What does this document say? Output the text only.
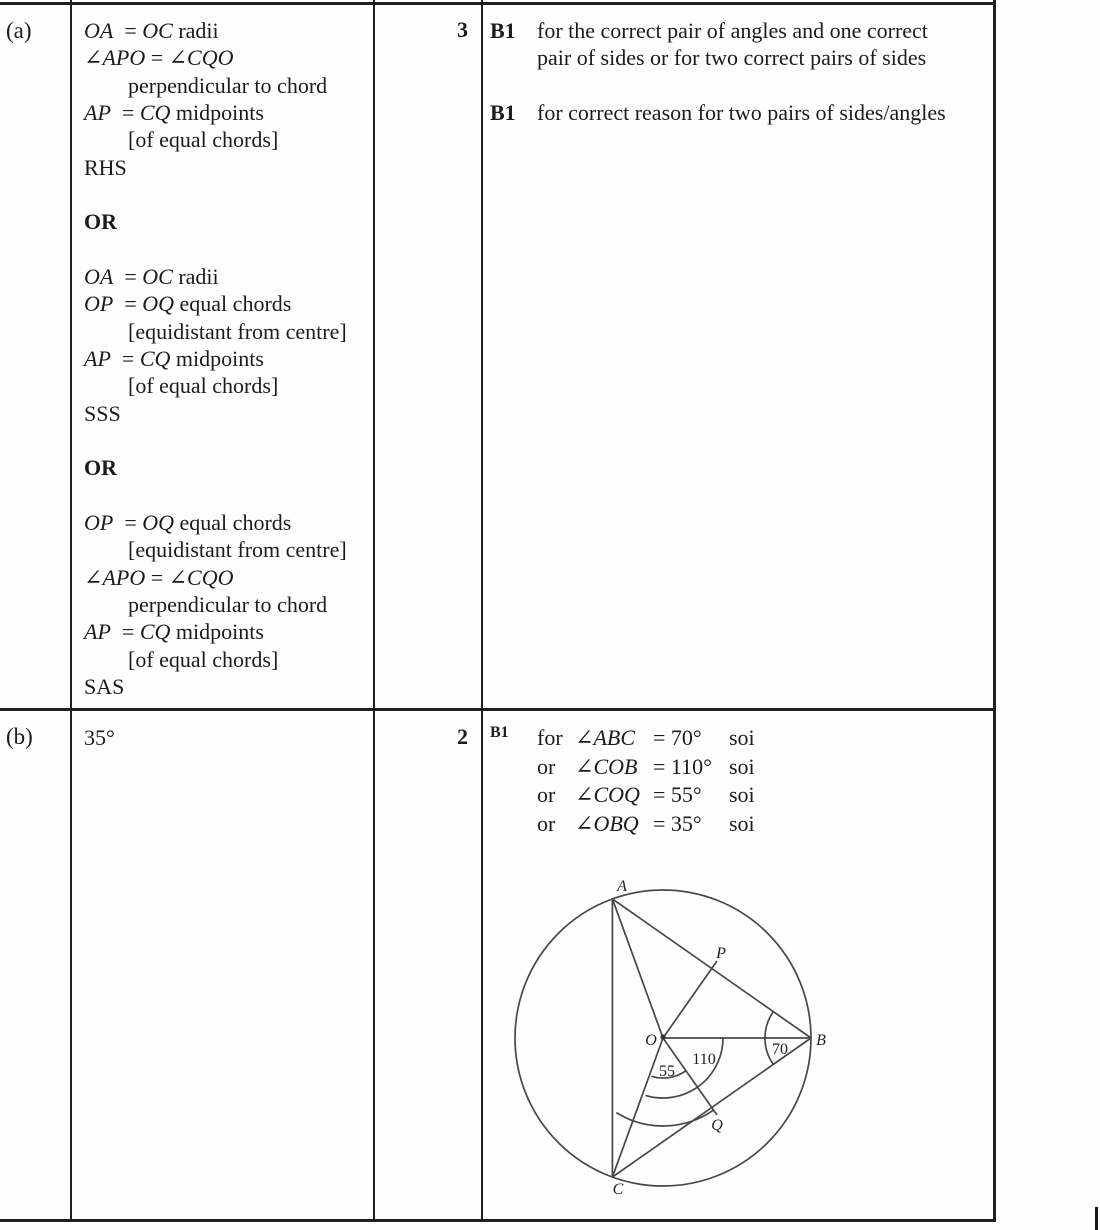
(a) OA  = OC radii
∠APO = ∠CQO
perpendicular to chord
AP  = CQ midpoints
[of equal chords]
RHS
OR
OA  = OC radii
OP  = OQ equal chords
[equidistant from centre]
AP  = CQ midpoints
[of equal chords]
SSS
OR
OP  = OQ equal chords
[equidistant from centre]
∠APO = ∠CQO
perpendicular to chord
AP  = CQ midpoints
[of equal chords]
SAS
3 B1 for the correct pair of angles and one correct
pair of sides or for two correct pairs of sides
B1 for correct reason for two pairs of sides/angles
(b) 35°	2 B1 for ∠ABC = 70°	soi
or ∠COB = 110° soi
or ∠COQ = 55°	soi
or ∠OBQ = 35°	soi
A
P
B
Q
C
O
110
55
70
